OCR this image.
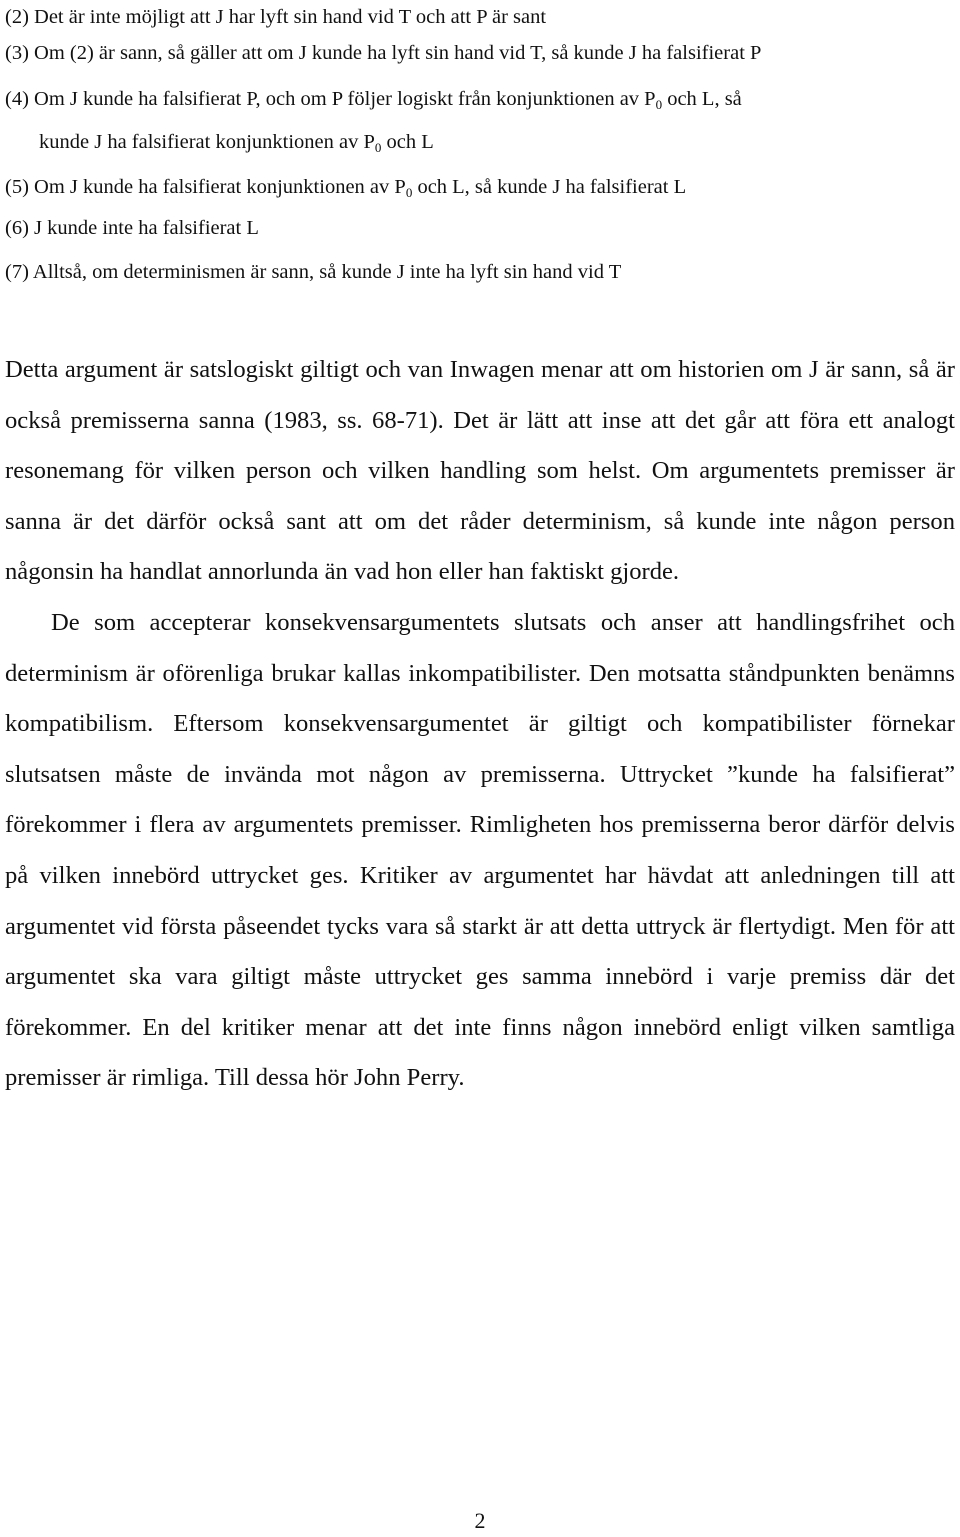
(2) Det är inte möjligt att J har lyft sin hand vid T och att P är sant
(3) Om (2) är sann, så gäller att om J kunde ha lyft sin hand vid T, så kunde J ha falsifierat P
(4) Om J kunde ha falsifierat P, och om P följer logiskt från konjunktionen av $P_0$ och L, så
kunde J ha falsifierat konjunktionen av $P_0$ och L
(5) Om J kunde ha falsifierat konjunktionen av $P_0$ och L, så kunde J ha falsifierat L
(6) J kunde inte ha falsifierat L
(7) Alltså, om determinismen är sann, så kunde J inte ha lyft sin hand vid T

Detta argument är satslogiskt giltigt och van Inwagen menar att om historien om J är sann, så är också premisserna sanna (1983, ss. 68-71). Det är lätt att inse att det går att föra ett analogt resonemang för vilken person och vilken handling som helst. Om argumentets premisser är sanna är det därför också sant att om det råder determinism, så kunde inte någon person någonsin ha handlat annorlunda än vad hon eller han faktiskt gjorde.

De som accepterar konsekvensargumentets slutsats och anser att handlingsfrihet och determinism är oförenliga brukar kallas inkompatibilister. Den motsatta ståndpunkten benämns kompatibilism. Eftersom konsekvensargumentet är giltigt och kompatibilister förnekar slutsatsen måste de invända mot någon av premisserna. Uttrycket ”kunde ha falsifierat” förekommer i flera av argumentets premisser. Rimligheten hos premisserna beror därför delvis på vilken innebörd uttrycket ges. Kritiker av argumentet har hävdat att anledningen till att argumentet vid första påseendet tycks vara så starkt är att detta uttryck är flertydigt. Men för att argumentet ska vara giltigt måste uttrycket ges samma innebörd i varje premiss där det förekommer. En del kritiker menar att det inte finns någon innebörd enligt vilken samtliga premisser är rimliga. Till dessa hör John Perry.

2
